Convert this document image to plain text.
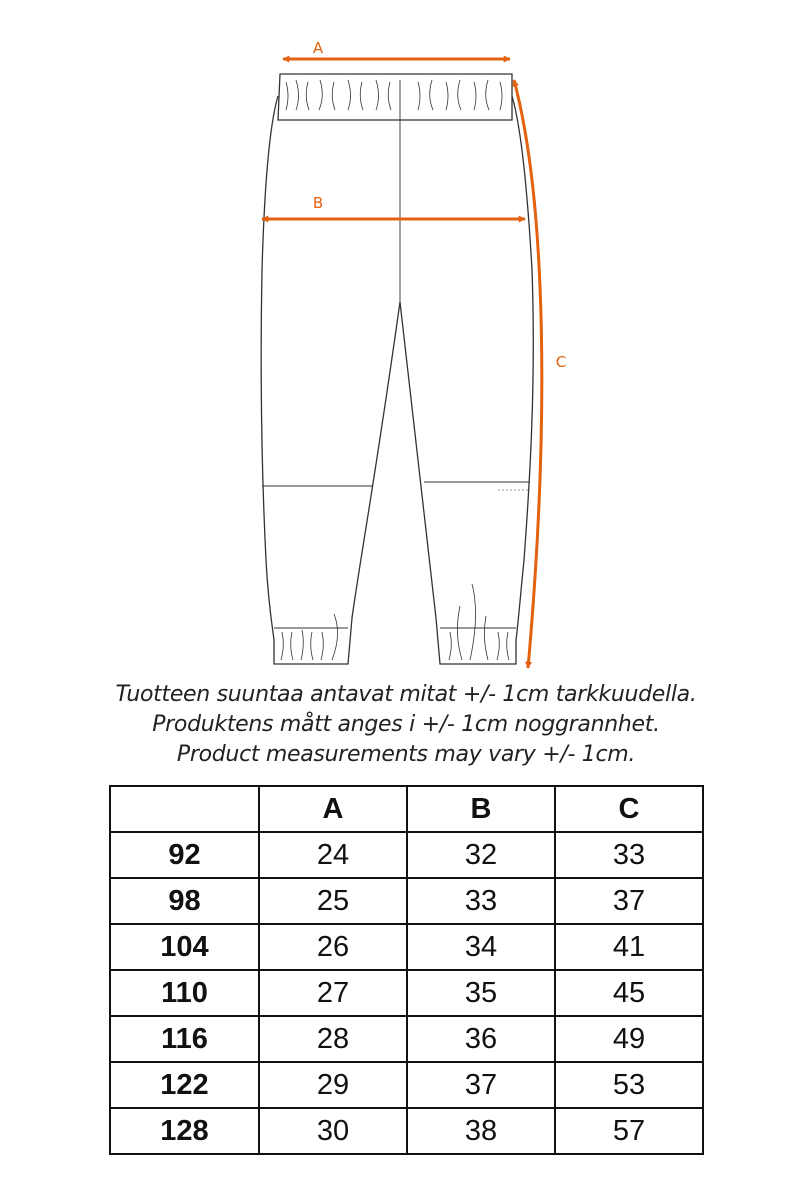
A
B
C
Tuotteen suuntaa antavat mitat +/- 1cm tarkkuudella.
Produktens mått anges i +/- 1cm noggrannhet.
Product measurements may vary +/- 1cm.
	A	B	C
92	24	32	33
98	25	33	37
104	26	34	41
110	27	35	45
116	28	36	49
122	29	37	53
128	30	38	57
